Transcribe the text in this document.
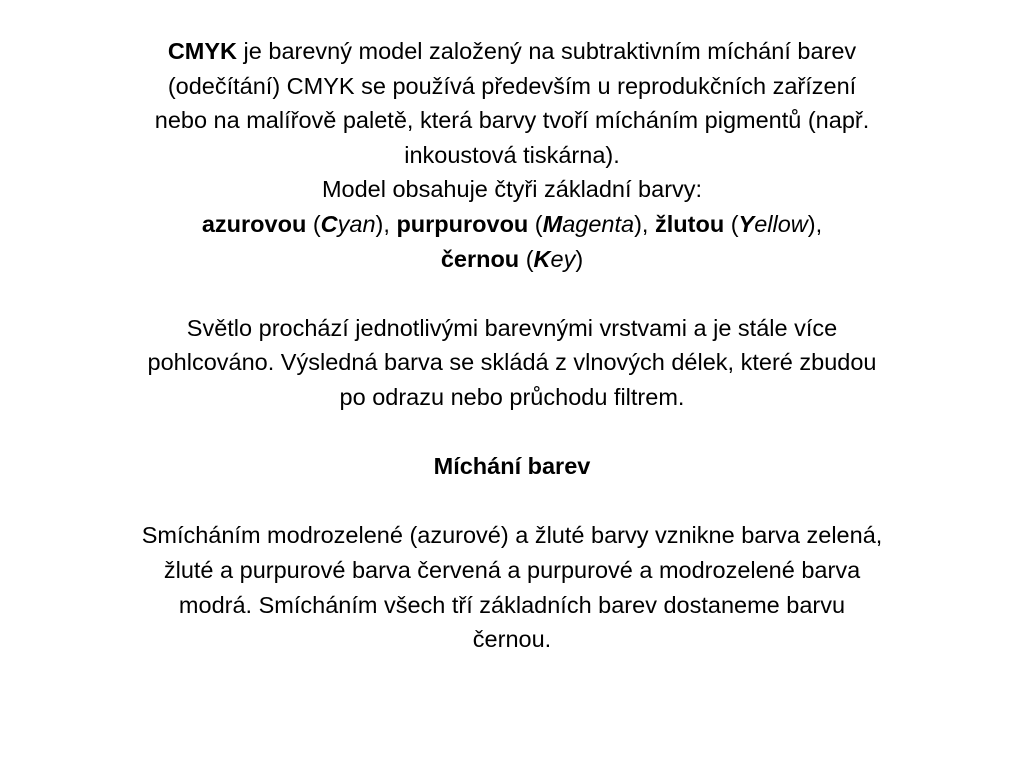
CMYK je barevný model založený na subtraktivním míchání barev
(odečítání) CMYK se používá především u reprodukčních zařízení
nebo na malířově paletě, která barvy tvoří mícháním pigmentů (např.
inkoustová tiskárna).
Model obsahuje čtyři základní barvy:
azurovou (Cyan), purpurovou (Magenta), žlutou (Yellow),
černou (Key)
Světlo prochází jednotlivými barevnými vrstvami a je stále více
pohlcováno. Výsledná barva se skládá z vlnových délek, které zbudou
po odrazu nebo průchodu filtrem.
Míchání barev
Smícháním modrozelené (azurové) a žluté barvy vznikne barva zelená,
žluté a purpurové barva červená a purpurové a modrozelené barva
modrá. Smícháním všech tří základních barev dostaneme barvu
černou.
